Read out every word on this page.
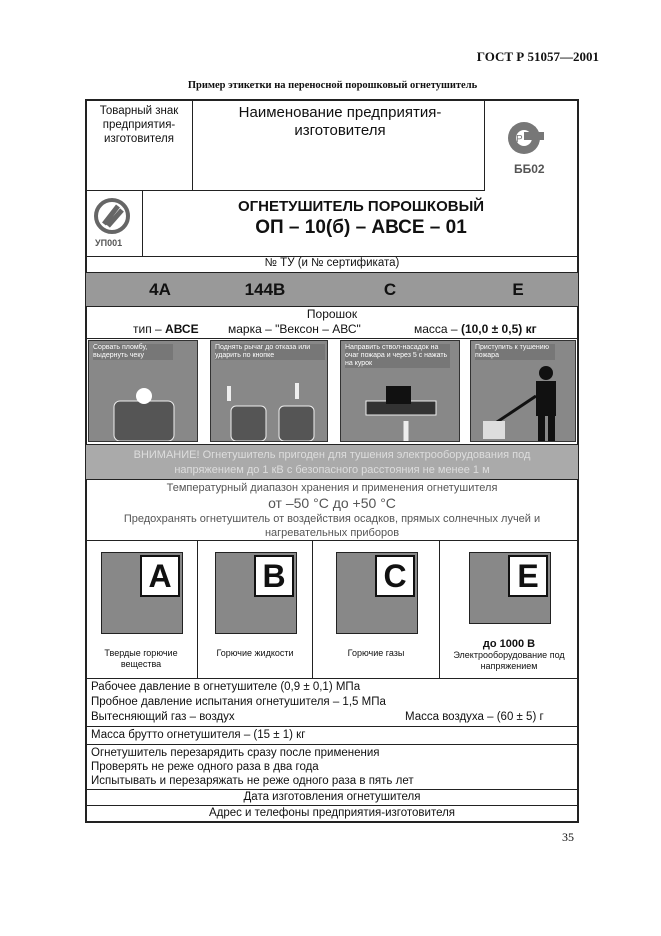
ГОСТ Р 51057—2001
Пример этикетки на переносной порошковый огнетушитель
Товарный знак предприятия-изготовителя
Наименование предприятия-изготовителя
Р
ББ02
УП001
ОГНЕТУШИТЕЛЬ ПОРОШКОВЫЙ
ОП – 10(б) – АВСЕ – 01
№ ТУ (и № сертификата)
4A	144B	C	E
Порошок
тип – АВСЕ марка – "Вексон – АВС"	масса – (10,0 ± 0,5) кг
Сорвать пломбу, выдернуть чеку
Поднять рычаг до отказа или ударить по кнопке
Направить ствол-насадок на очаг пожара и через 5 с нажать на курок
Приступить к тушению пожара
ВНИМАНИЕ! Огнетушитель пригоден для тушения электрооборудования под напряжением до 1 кВ с безопасного расстояния не менее 1 м
Температурный диапазон хранения и применения огнетушителя
от –50 °С до +50 °С
Предохранять огнетушитель от воздействия осадков, прямых солнечных лучей и нагревательных приборов
A
Твердые горючие вещества
B
Горючие жидкости
C
Горючие газы
E
до 1000 В
Электрооборудование под напряжением
Рабочее давление в огнетушителе (0,9 ± 0,1) МПа
Пробное давление испытания огнетушителя – 1,5 МПа
Вытесняющий газ – воздух	Масса воздуха – (60 ± 5) г
Масса брутто огнетушителя – (15 ± 1) кг
Огнетушитель перезарядить сразу после применения
Проверять не реже одного раза в два года
Испытывать и перезаряжать не реже одного раза в пять лет
Дата изготовления огнетушителя
Адрес и телефоны предприятия-изготовителя
35
